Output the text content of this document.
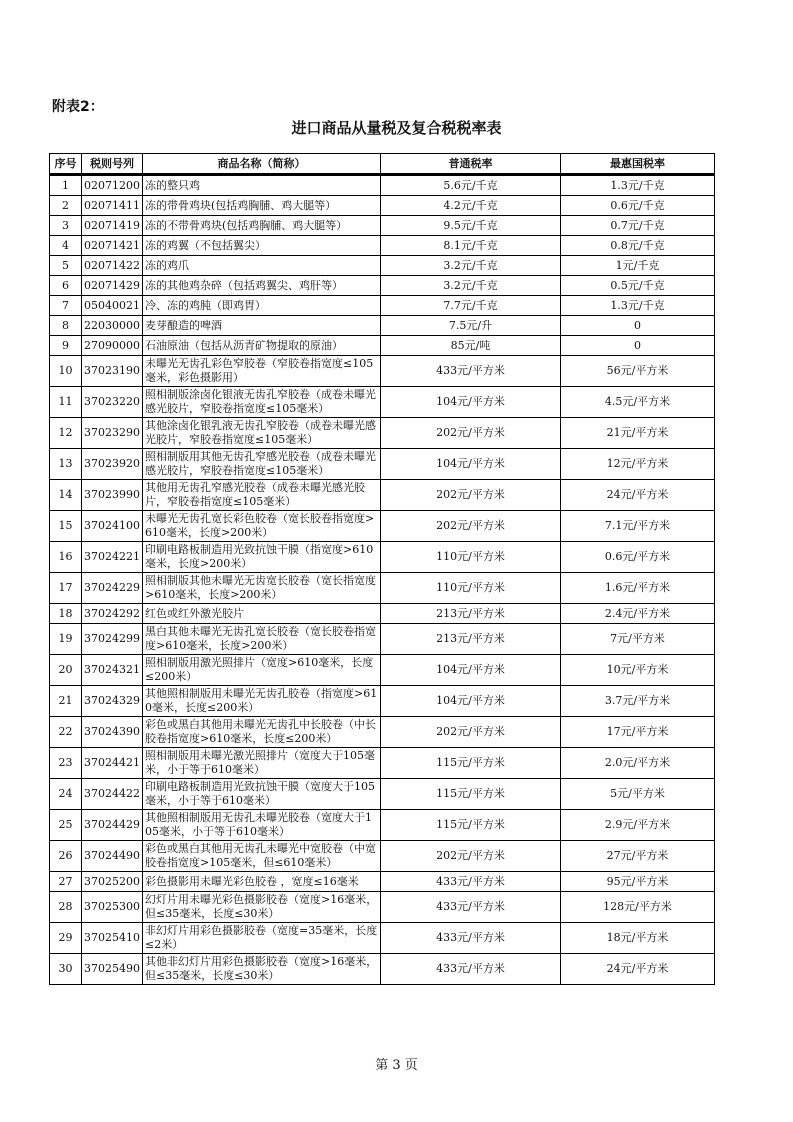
附表2：
进口商品从量税及复合税税率表
序号	税则号列	商品名称（简称）	普通税率	最惠国税率
1	02071200	冻的整只鸡	5.6元/千克	1.3元/千克
2	02071411	冻的带骨鸡块(包括鸡胸脯、鸡大腿等）	4.2元/千克	0.6元/千克
3	02071419	冻的不带骨鸡块(包括鸡胸脯、鸡大腿等）	9.5元/千克	0.7元/千克
4	02071421	冻的鸡翼（不包括翼尖）	8.1元/千克	0.8元/千克
5	02071422	冻的鸡爪	3.2元/千克	1元/千克
6	02071429	冻的其他鸡杂碎（包括鸡翼尖、鸡肝等）	3.2元/千克	0.5元/千克
7	05040021	冷、冻的鸡肫（即鸡胃）	7.7元/千克	1.3元/千克
8	22030000	麦芽酿造的啤酒	7.5元/升	0
9	27090000	石油原油（包括从沥青矿物提取的原油）	85元/吨	0
10	37023190	未曝光无齿孔彩色窄胶卷（窄胶卷指宽度≤105毫米，彩色摄影用）	433元/平方米	56元/平方米
11	37023220	照相制版涂卤化银液无齿孔窄胶卷（成卷未曝光感光胶片，窄胶卷指宽度≤105毫米）	104元/平方米	4.5元/平方米
12	37023290	其他涂卤化银乳液无齿孔窄胶卷（成卷未曝光感光胶片，窄胶卷指宽度≤105毫米）	202元/平方米	21元/平方米
13	37023920	照相制版用其他无齿孔窄感光胶卷（成卷未曝光感光胶片，窄胶卷指宽度≤105毫米）	104元/平方米	12元/平方米
14	37023990	其他用无齿孔窄感光胶卷（成卷未曝光感光胶片，窄胶卷指宽度≤105毫米）	202元/平方米	24元/平方米
15	37024100	未曝光无齿孔宽长彩色胶卷（宽长胶卷指宽度>610毫米，长度>200米）	202元/平方米	7.1元/平方米
16	37024221	印刷电路板制造用光致抗蚀干膜（指宽度>610毫米，长度>200米）	110元/平方米	0.6元/平方米
17	37024229	照相制版其他未曝光无齿宽长胶卷（宽长指宽度>610毫米，长度>200米）	110元/平方米	1.6元/平方米
18	37024292	红色或红外激光胶片	213元/平方米	2.4元/平方米
19	37024299	黑白其他未曝光无齿孔宽长胶卷（宽长胶卷指宽度>610毫米，长度>200米）	213元/平方米	7元/平方米
20	37024321	照相制版用激光照排片（宽度>610毫米，长度≤200米）	104元/平方米	10元/平方米
21	37024329	其他照相制版用未曝光无齿孔胶卷（指宽度>610毫米，长度≤200米）	104元/平方米	3.7元/平方米
22	37024390	彩色或黑白其他用未曝光无齿孔中长胶卷（中长胶卷指宽度>610毫米，长度≤200米）	202元/平方米	17元/平方米
23	37024421	照相制版用未曝光激光照排片（宽度大于105毫米，小于等于610毫米）	115元/平方米	2.0元/平方米
24	37024422	印刷电路板制造用光致抗蚀干膜（宽度大于105毫米，小于等于610毫米）	115元/平方米	5元/平方米
25	37024429	其他照相制版用无齿孔未曝光胶卷（宽度大于105毫米，小于等于610毫米）	115元/平方米	2.9元/平方米
26	37024490	彩色或黑白其他用无齿孔未曝光中宽胶卷（中宽胶卷指宽度>105毫米，但≤610毫米）	202元/平方米	27元/平方米
27	37025200	彩色摄影用未曝光彩色胶卷 ，宽度≤16毫米	433元/平方米	95元/平方米
28	37025300	幻灯片用未曝光彩色摄影胶卷（宽度>16毫米，但≤35毫米，长度≤30米）	433元/平方米	128元/平方米
29	37025410	非幻灯片用彩色摄影胶卷（宽度=35毫米，长度≤2米）	433元/平方米	18元/平方米
30	37025490	其他非幻灯片用彩色摄影胶卷（宽度>16毫米，但≤35毫米，长度≤30米）	433元/平方米	24元/平方米
第 3 页
